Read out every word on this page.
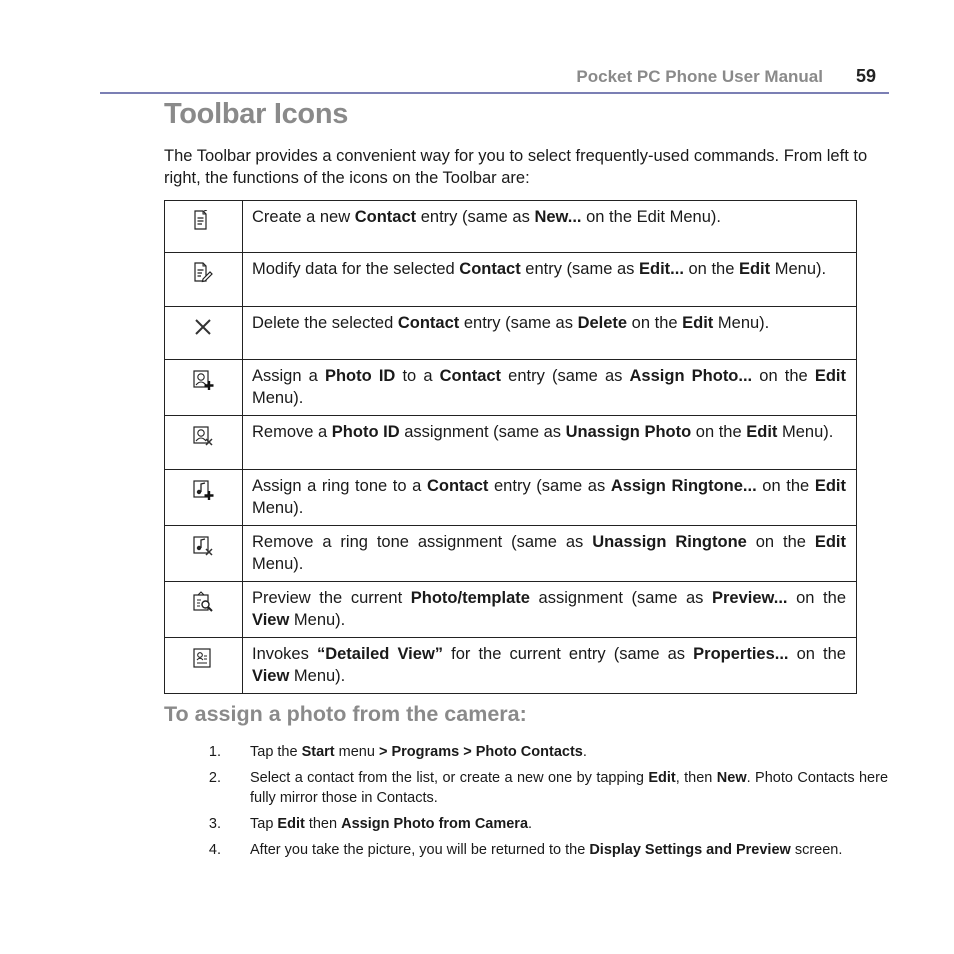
Pocket PC Phone User Manual 59
Toolbar Icons

The Toolbar provides a convenient way for you to select frequently-used commands. From left to right, the functions of the icons on the Toolbar are:

	Create a new Contact entry (same as New... on the Edit Menu).

	Modify data for the selected Contact entry (same as Edit... on the Edit Menu).

	Delete the selected Contact entry (same as Delete on the Edit Menu).

	Assign a Photo ID to a Contact entry (same as Assign Photo... on the Edit Menu).

	Remove a Photo ID assignment (same as Unassign Photo on the Edit Menu).

	Assign a ring tone to a Contact entry (same as Assign Ringtone... on the Edit Menu).

	Remove a ring tone assignment (same as Unassign Ringtone on the Edit Menu).

	Preview the current Photo/template assignment (same as Preview... on the View Menu).

	Invokes “Detailed View” for the current entry (same as Properties... on the View Menu).
To assign a photo from the camera:
1.	Tap the Start menu > Programs > Photo Contacts.
2.	Select a contact from the list, or create a new one by tapping Edit, then New. Photo Contacts here fully mirror those in Contacts.
3.	Tap Edit then Assign Photo from Camera.
4.	After you take the picture, you will be returned to the Display Settings and Preview screen.
